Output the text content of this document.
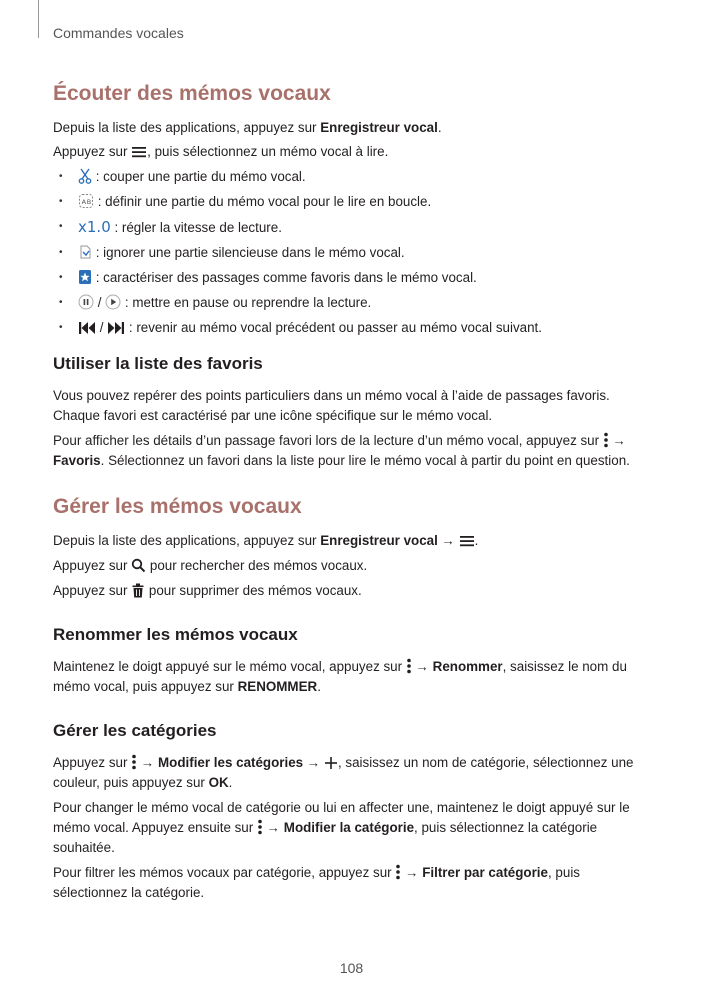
Commandes vocales
Écouter des mémos vocaux

Depuis la liste des applications, appuyez sur Enregistreur vocal.

Appuyez sur
, puis sélectionnez un mémo vocal à lire.

• : couper une partie du mémo vocal.
• A B : définir une partie du mémo vocal pour le lire en boucle.
• x1.0 : régler la vitesse de lecture.
• : ignorer une partie silencieuse dans le mémo vocal.
• : caractériser des passages comme favoris dans le mémo vocal.
• /
: mettre en pause ou reprendre la lecture.
• /
: revenir au mémo vocal précédent ou passer au mémo vocal suivant.
Utiliser la liste des favoris

Vous pouvez repérer des points particuliers dans un mémo vocal à l’aide de passages favoris. Chaque favori est caractérisé par une icône spécifique sur le mémo vocal.

Pour afficher les détails d’un passage favori lors de la lecture d’un mémo vocal, appuyez sur
→ Favoris. Sélectionnez un favori dans la liste pour lire le mémo vocal à partir du point en question.

Gérer les mémos vocaux

Depuis la liste des applications, appuyez sur Enregistreur vocal →
.

Appuyez sur
pour rechercher des mémos vocaux.

Appuyez sur
pour supprimer des mémos vocaux.

Renommer les mémos vocaux

Maintenez le doigt appuyé sur le mémo vocal, appuyez sur
→ Renommer, saisissez le nom du mémo vocal, puis appuyez sur RENOMMER.

Gérer les catégories

Appuyez sur
→ Modifier les catégories →
, saisissez un nom de catégorie, sélectionnez une couleur, puis appuyez sur OK.

Pour changer le mémo vocal de catégorie ou lui en affecter une, maintenez le doigt appuyé sur le mémo vocal. Appuyez ensuite sur
→ Modifier la catégorie, puis sélectionnez la catégorie souhaitée.

Pour filtrer les mémos vocaux par catégorie, appuyez sur
→ Filtrer par catégorie, puis sélectionnez la catégorie.

108
